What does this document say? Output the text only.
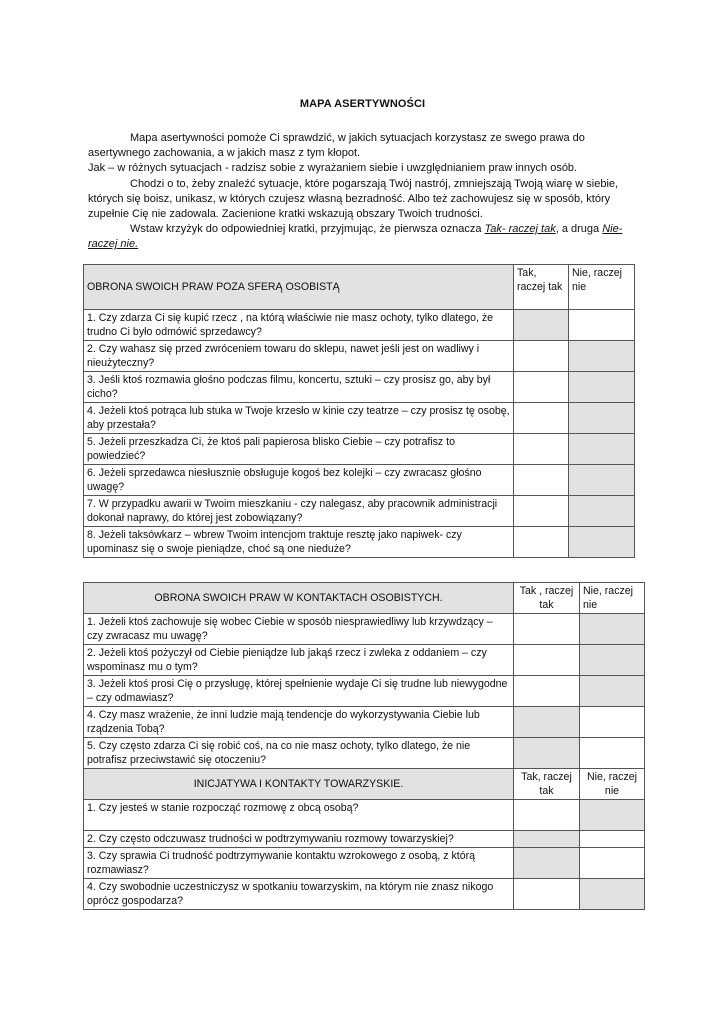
MAPA ASERTYWNOŚCI

Mapa asertywności pomoże Ci sprawdzić, w jakich sytuacjach korzystasz ze swego prawa do asertywnego zachowania, a w jakich masz z tym kłopot.

Jak – w różnych sytuacjach - radzisz sobie z wyrażaniem siebie i uwzględnianiem praw innych osób.

Chodzi o to, żeby znaleźć sytuacje, które pogarszają Twój nastrój, zmniejszają Twoją wiarę w siebie, których się boisz, unikasz, w których czujesz własną bezradność. Albo też zachowujesz się w sposób, który zupełnie Cię nie zadowala. Zacienione kratki wskazują obszary Twoich trudności.

Wstaw krzyżyk do odpowiedniej kratki, przyjmując, że pierwsza oznacza Tak- raczej tak, a druga Nie- raczej nie.

OBRONA SWOICH PRAW POZA SFERĄ OSOBISTĄ	Tak, raczej tak	Nie, raczej nie
1. Czy zdarza Ci się kupić rzecz , na którą właściwie nie masz ochoty, tylko dlatego, że trudno Ci było odmówić sprzedawcy?		
2. Czy wahasz się przed zwróceniem towaru do sklepu, nawet jeśli jest on wadliwy i nieużyteczny?		
3. Jeśli ktoś rozmawia głośno podczas filmu, koncertu, sztuki – czy prosisz go, aby był cicho?		
4. Jeżeli ktoś potrąca lub stuka w Twoje krzesło w kinie czy teatrze – czy prosisz tę osobę, aby przestała?		
5. Jeżeli przeszkadza Ci, że ktoś pali papierosa blisko Ciebie – czy potrafisz to powiedzieć?		
6. Jeżeli sprzedawca niesłusznie obsługuje kogoś bez kolejki – czy zwracasz głośno uwagę?		
7. W przypadku awarii w Twoim mieszkaniu - czy nalegasz, aby pracownik administracji dokonał naprawy, do której jest zobowiązany?		
8. Jeżeli taksówkarz – wbrew Twoim intencjom traktuje resztę jako napiwek- czy upominasz się o swoje pieniądze, choć są one nieduże?		
OBRONA SWOICH PRAW W KONTAKTACH OSOBISTYCH.	Tak , raczej tak	Nie, raczej nie
1. Jeżeli ktoś zachowuje się wobec Ciebie w sposób niesprawiedliwy lub krzywdzący – czy zwracasz mu uwagę?		
2. Jeżeli ktoś pożyczył od Ciebie pieniądze lub jakąś rzecz i zwleka z oddaniem – czy wspominasz mu o tym?		
3. Jeżeli ktoś prosi Cię o przysługę, której spełnienie wydaje Ci się trudne lub niewygodne – czy odmawiasz?		
4. Czy masz wrażenie, że inni ludzie mają tendencje do wykorzystywania Ciebie lub rządzenia Tobą?		
5. Czy często zdarza Ci się robić coś, na co nie masz ochoty, tylko dlatego, że nie potrafisz przeciwstawić się otoczeniu?		
INICJATYWA I KONTAKTY TOWARZYSKIE.	Tak, raczej tak	Nie, raczej nie
1. Czy jesteś w stanie rozpocząć rozmowę z obcą osobą?		
2. Czy często odczuwasz trudności w podtrzymywaniu rozmowy towarzyskiej?		
3. Czy sprawia Ci trudność podtrzymywanie kontaktu wzrokowego z osobą, z którą rozmawiasz?		
4. Czy swobodnie uczestniczysz w spotkaniu towarzyskim, na którym nie znasz nikogo oprócz gospodarza?		
